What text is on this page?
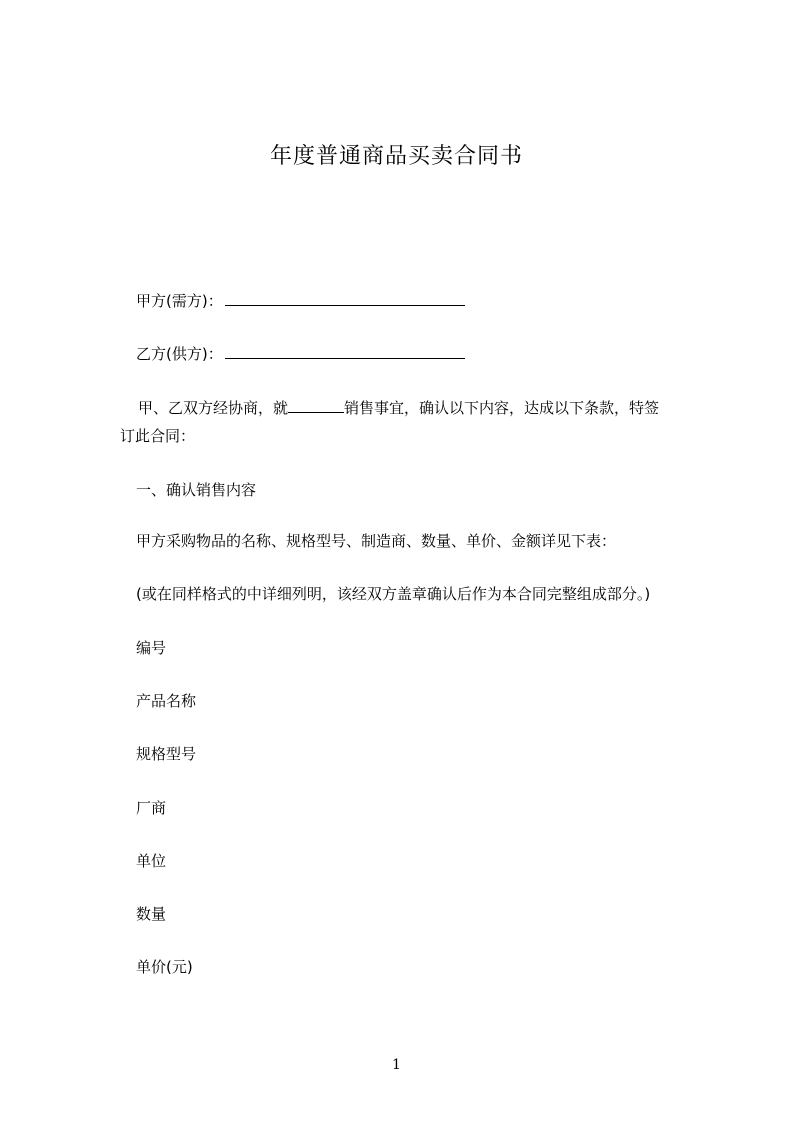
年度普通商品买卖合同书
甲方(需方)：
乙方(供方)：
甲、乙双方经协商，就	销售事宜，确认以下内容，达成以下条款，特签
订此合同：
一、确认销售内容
甲方采购物品的名称、规格型号、制造商、数量、单价、金额详见下表：
(或在同样格式的中详细列明，该经双方盖章确认后作为本合同完整组成部分。)
编号
产品名称
规格型号
厂商
单位
数量
单价(元)
1
